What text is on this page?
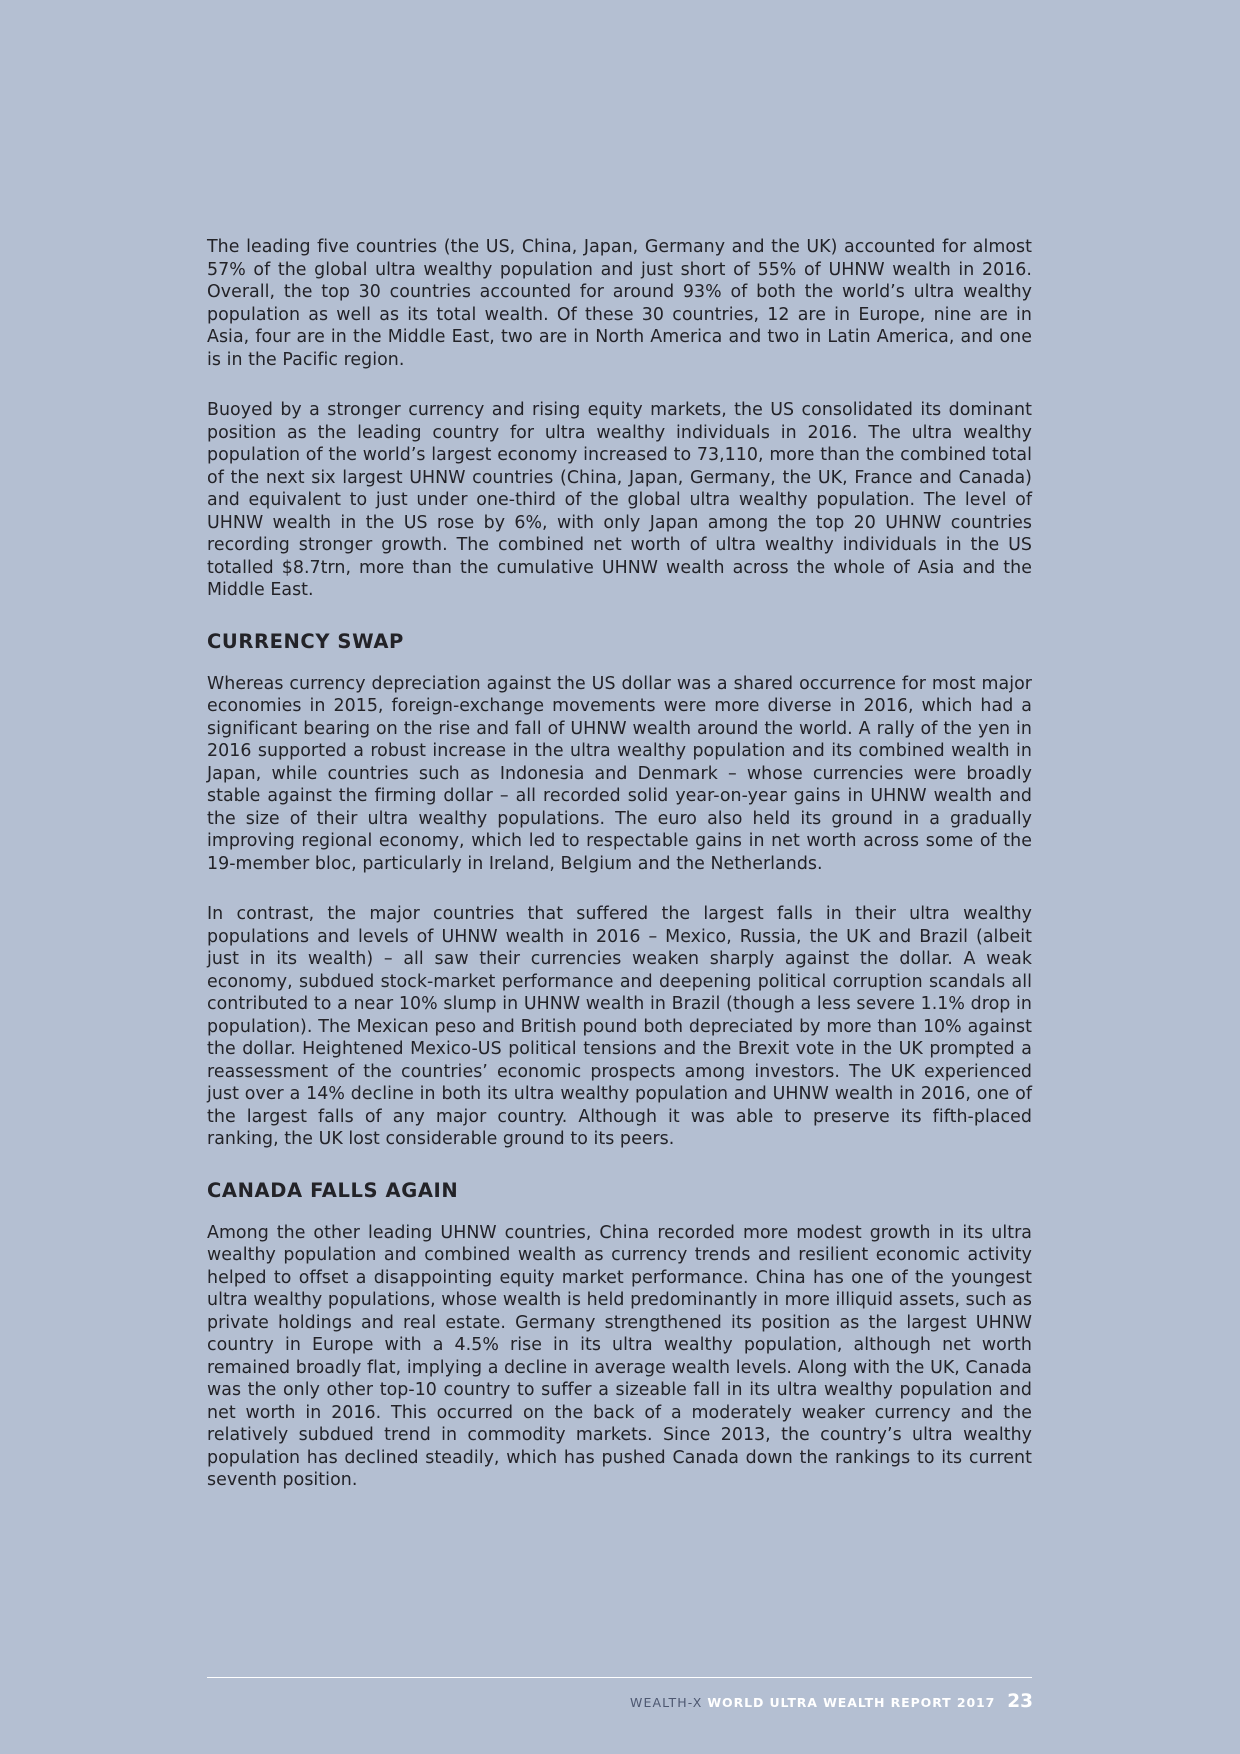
The leading five countries (the US, China, Japan, Germany and the UK) accounted for almost 57% of the global ultra wealthy population and just short of 55% of UHNW wealth in 2016. Overall, the top 30 countries accounted for around 93% of both the world’s ultra wealthy population as well as its total wealth. Of these 30 countries, 12 are in Europe, nine are in Asia, four are in the Middle East, two are in North America and two in Latin America, and one is in the Pacific region.

Buoyed by a stronger currency and rising equity markets, the US consolidated its dominant position as the leading country for ultra wealthy individuals in 2016. The ultra wealthy population of the world’s largest economy increased to 73,110, more than the combined total of the next six largest UHNW countries (China, Japan, Germany, the UK, France and Canada) and equivalent to just under one-third of the global ultra wealthy population. The level of UHNW wealth in the US rose by 6%, with only Japan among the top 20 UHNW countries recording stronger growth. The combined net worth of ultra wealthy individuals in the US totalled $8.7trn, more than the cumulative UHNW wealth across the whole of Asia and the Middle East.

CURRENCY SWAP

Whereas currency depreciation against the US dollar was a shared occurrence for most major economies in 2015, foreign-exchange movements were more diverse in 2016, which had a significant bearing on the rise and fall of UHNW wealth around the world. A rally of the yen in 2016 supported a robust increase in the ultra wealthy population and its combined wealth in Japan, while countries such as Indonesia and Denmark – whose currencies were broadly stable against the firming dollar – all recorded solid year-on-year gains in UHNW wealth and the size of their ultra wealthy populations. The euro also held its ground in a gradually improving regional economy, which led to respectable gains in net worth across some of the 19-member bloc, particularly in Ireland, Belgium and the Netherlands.

In contrast, the major countries that suffered the largest falls in their ultra wealthy populations and levels of UHNW wealth in 2016 – Mexico, Russia, the UK and Brazil (albeit just in its wealth) – all saw their currencies weaken sharply against the dollar. A weak economy, subdued stock-market performance and deepening political corruption scandals all contributed to a near 10% slump in UHNW wealth in Brazil (though a less severe 1.1% drop in population). The Mexican peso and British pound both depreciated by more than 10% against the dollar. Heightened Mexico-US political tensions and the Brexit vote in the UK prompted a reassessment of the countries’ economic prospects among investors. The UK experienced just over a 14% decline in both its ultra wealthy population and UHNW wealth in 2016, one of the largest falls of any major country. Although it was able to preserve its fifth-placed ranking, the UK lost considerable ground to its peers.

CANADA FALLS AGAIN

Among the other leading UHNW countries, China recorded more modest growth in its ultra wealthy population and combined wealth as currency trends and resilient economic activity helped to offset a disappointing equity market performance. China has one of the youngest ultra wealthy populations, whose wealth is held predominantly in more illiquid assets, such as private holdings and real estate. Germany strengthened its position as the largest UHNW country in Europe with a 4.5% rise in its ultra wealthy population, although net worth remained broadly flat, implying a decline in average wealth levels. Along with the UK, Canada was the only other top-10 country to suffer a sizeable fall in its ultra wealthy population and net worth in 2016. This occurred on the back of a moderately weaker currency and the relatively subdued trend in commodity markets. Since 2013, the country’s ultra wealthy population has declined steadily, which has pushed Canada down the rankings to its current seventh position.

WEALTH-X WORLD ULTRA WEALTH REPORT 2017 23
